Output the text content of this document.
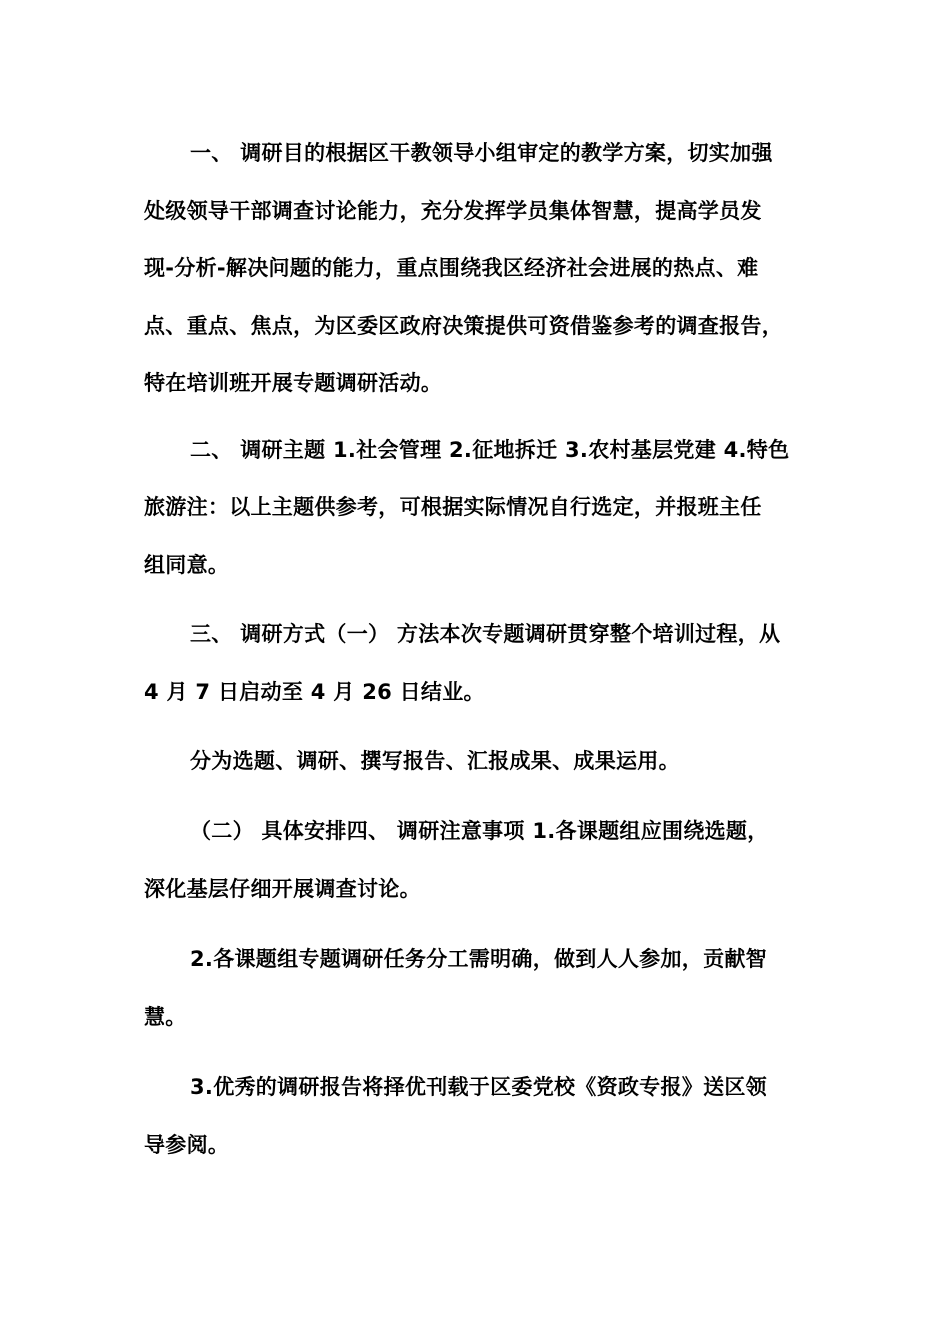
一、 调研目的根据区干教领导小组审定的教学方案，切实加强
处级领导干部调查讨论能力，充分发挥学员集体智慧，提高学员发
现-分析-解决问题的能力，重点围绕我区经济社会进展的热点、难
点、重点、焦点，为区委区政府决策提供可资借鉴参考的调查报告，
特在培训班开展专题调研活动。
二、 调研主题 1.社会管理 2.征地拆迁 3.农村基层党建 4.特色
旅游注：以上主题供参考，可根据实际情况自行选定，并报班主任
组同意。
三、 调研方式（一） 方法本次专题调研贯穿整个培训过程，从
4 月 7 日启动至 4 月 26 日结业。
分为选题、调研、撰写报告、汇报成果、成果运用。
（二） 具体安排四、 调研注意事项 1.各课题组应围绕选题，
深化基层仔细开展调查讨论。
2.各课题组专题调研任务分工需明确，做到人人参加，贡献智
慧。
3.优秀的调研报告将择优刊载于区委党校《资政专报》送区领
导参阅。
